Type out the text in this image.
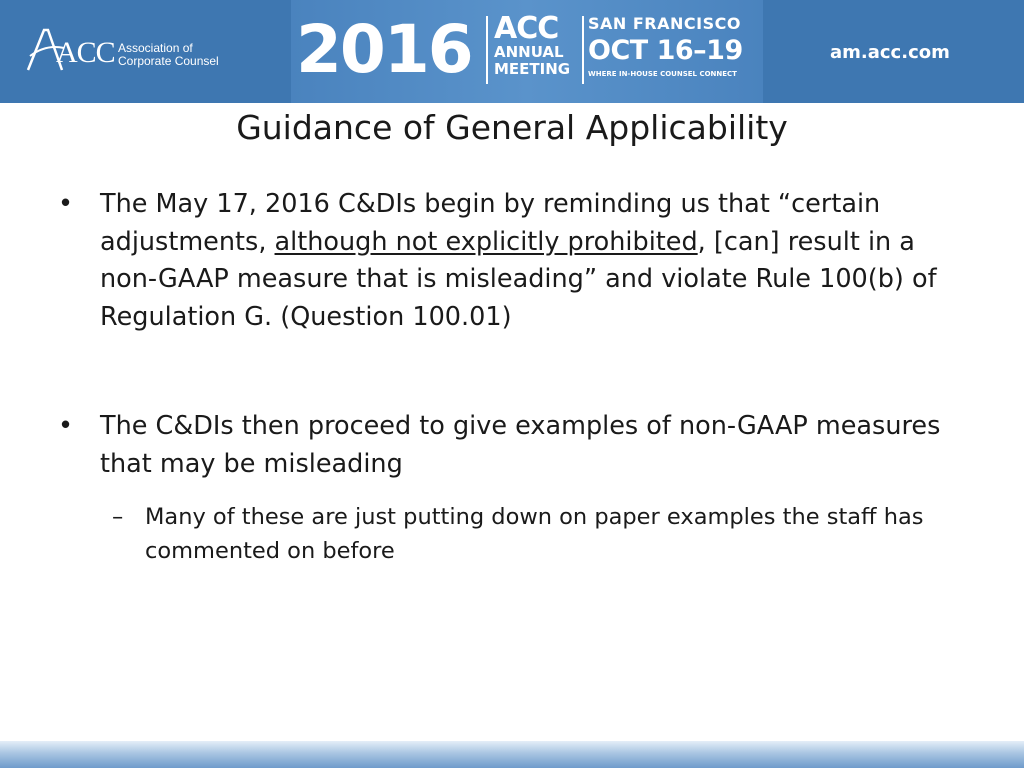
ACC Association of
Corporate Counsel 2016 ACC
ANNUAL
MEETING
SAN FRANCISCO
OCT 16–19
WHERE IN-HOUSE COUNSEL CONNECT
am.acc.com
Guidance of General Applicability
• The May 17, 2016 C&DIs begin by reminding us that “certain adjustments, although not explicitly prohibited, [can] result in a non-GAAP measure that is misleading” and violate Rule 100(b) of Regulation G. (Question 100.01)
• The C&DIs then proceed to give examples of non-GAAP measures that may be misleading
– Many of these are just putting down on paper examples the staff has commented on before
